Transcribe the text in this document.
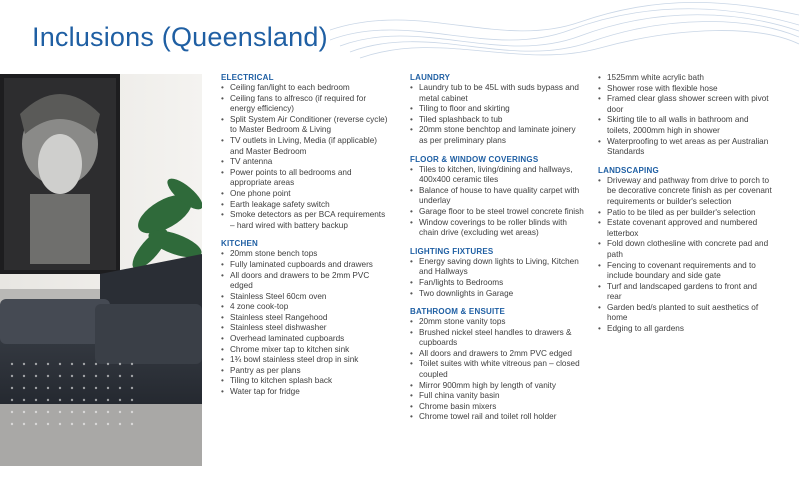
Inclusions (Queensland)
ELECTRICAL
• Ceiling fan/light to each bedroom
• Ceiling fans to alfresco (if required for energy efficiency)
• Split System Air Conditioner (reverse cycle) to Master Bedroom & Living
• TV outlets in Living, Media (if applicable) and Master Bedroom
• TV antenna
• Power points to all bedrooms and appropriate areas
• One phone point
• Earth leakage safety switch
• Smoke detectors as per BCA requirements – hard wired with battery backup
KITCHEN
• 20mm stone bench tops
• Fully laminated cupboards and drawers
• All doors and drawers to be 2mm PVC edged
• Stainless Steel 60cm oven
• 4 zone cook-top
• Stainless steel Rangehood
• Stainless steel dishwasher
• Overhead laminated cupboards
• Chrome mixer tap to kitchen sink
• 1¾ bowl stainless steel drop in sink
• Pantry as per plans
• Tiling to kitchen splash back
• Water tap for fridge
LAUNDRY
• Laundry tub to be 45L with suds bypass and metal cabinet
• Tiling to floor and skirting
• Tiled splashback to tub
• 20mm stone benchtop and laminate joinery as per preliminary plans
FLOOR & WINDOW COVERINGS
• Tiles to kitchen, living/dining and hallways, 400x400 ceramic tiles
• Balance of house to have quality carpet with underlay
• Garage floor to be steel trowel concrete finish
• Window coverings to be roller blinds with chain drive (excluding wet areas)
LIGHTING FIXTURES
• Energy saving down lights to Living, Kitchen and Hallways
• Fan/lights to Bedrooms
• Two downlights in Garage
BATHROOM & ENSUITE
• 20mm stone vanity tops
• Brushed nickel steel handles to drawers & cupboards
• All doors and drawers to 2mm PVC edged
• Toilet suites with white vitreous pan – closed coupled
• Mirror 900mm high by length of vanity
• Full china vanity basin
• Chrome basin mixers
• Chrome towel rail and toilet roll holder
• 1525mm white acrylic bath
• Shower rose with flexible hose
• Framed clear glass shower screen with pivot door
• Skirting tile to all walls in bathroom and toilets, 2000mm high in shower
• Waterproofing to wet areas as per Australian Standards
LANDSCAPING
• Driveway and pathway from drive to porch to be decorative concrete finish as per covenant requirements or builder's selection
• Patio to be tiled as per builder's selection
• Estate covenant approved and numbered letterbox
• Fold down clothesline with concrete pad and path
• Fencing to covenant requirements and to include boundary and side gate
• Turf and landscaped gardens to front and rear
• Garden bed/s planted to suit aesthetics of home
• Edging to all gardens
